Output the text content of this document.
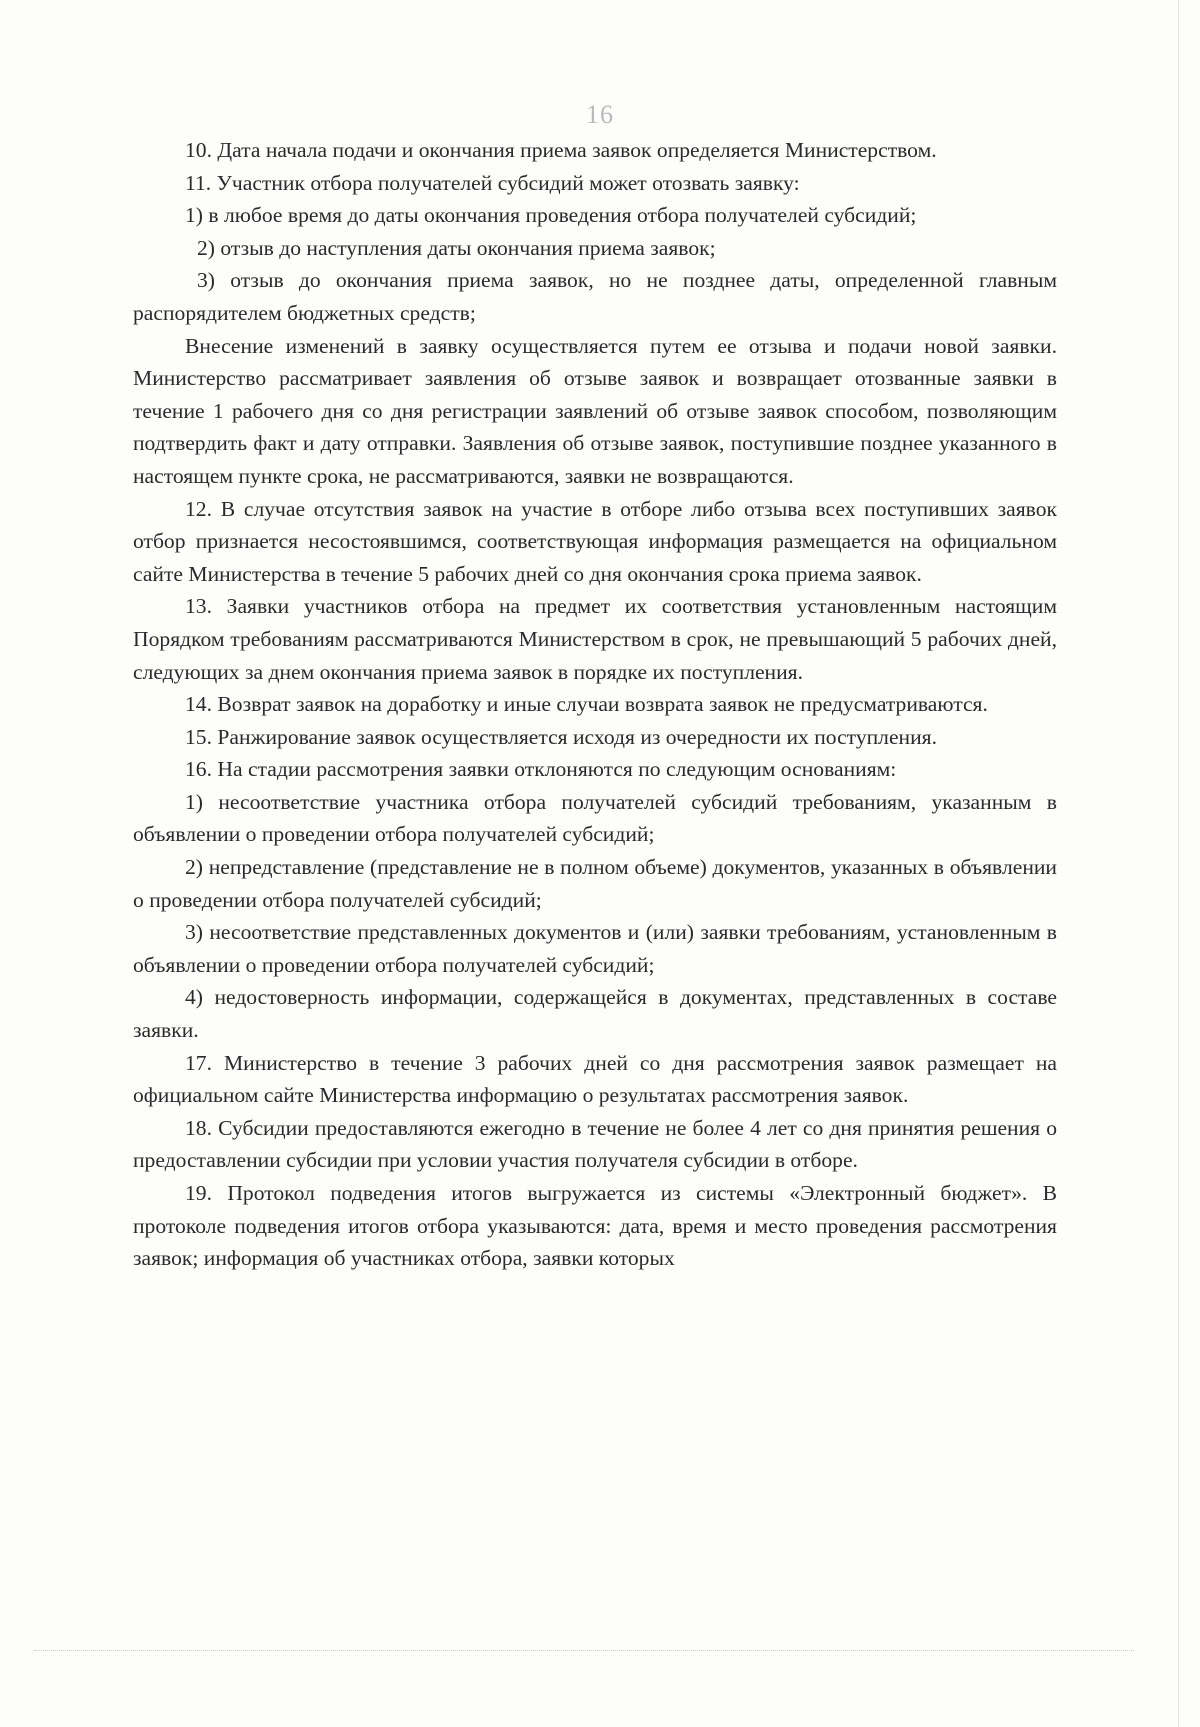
16

10. Дата начала подачи и окончания приема заявок определяется Министерством.

11. Участник отбора получателей субсидий может отозвать заявку:

1) в любое время до даты окончания проведения отбора получателей субсидий;

2) отзыв до наступления даты окончания приема заявок;

3) отзыв до окончания приема заявок, но не позднее даты, определенной главным распорядителем бюджетных средств;

Внесение изменений в заявку осуществляется путем ее отзыва и подачи новой заявки. Министерство рассматривает заявления об отзыве заявок и возвращает отозванные заявки в течение 1 рабочего дня со дня регистрации заявлений об отзыве заявок способом, позволяющим подтвердить факт и дату отправки. Заявления об отзыве заявок, поступившие позднее указанного в настоящем пункте срока, не рассматриваются, заявки не возвращаются.

12. В случае отсутствия заявок на участие в отборе либо отзыва всех поступивших заявок отбор признается несостоявшимся, соответствующая информация размещается на официальном сайте Министерства в течение 5 рабочих дней со дня окончания срока приема заявок.

13. Заявки участников отбора на предмет их соответствия установленным настоящим Порядком требованиям рассматриваются Министерством в срок, не превышающий 5 рабочих дней, следующих за днем окончания приема заявок в порядке их поступления.

14. Возврат заявок на доработку и иные случаи возврата заявок не предусматриваются.

15. Ранжирование заявок осуществляется исходя из очередности их поступления.

16. На стадии рассмотрения заявки отклоняются по следующим основаниям:

1) несоответствие участника отбора получателей субсидий требованиям, указанным в объявлении о проведении отбора получателей субсидий;

2) непредставление (представление не в полном объеме) документов, указанных в объявлении о проведении отбора получателей субсидий;

3) несоответствие представленных документов и (или) заявки требованиям, установленным в объявлении о проведении отбора получателей субсидий;

4) недостоверность информации, содержащейся в документах, представленных в составе заявки.

17. Министерство в течение 3 рабочих дней со дня рассмотрения заявок размещает на официальном сайте Министерства информацию о результатах рассмотрения заявок.

18. Субсидии предоставляются ежегодно в течение не более 4 лет со дня принятия решения о предоставлении субсидии при условии участия получателя субсидии в отборе.

19. Протокол подведения итогов выгружается из системы «Электронный бюджет». В протоколе подведения итогов отбора указываются: дата, время и место проведения рассмотрения заявок; информация об участниках отбора, заявки которых
